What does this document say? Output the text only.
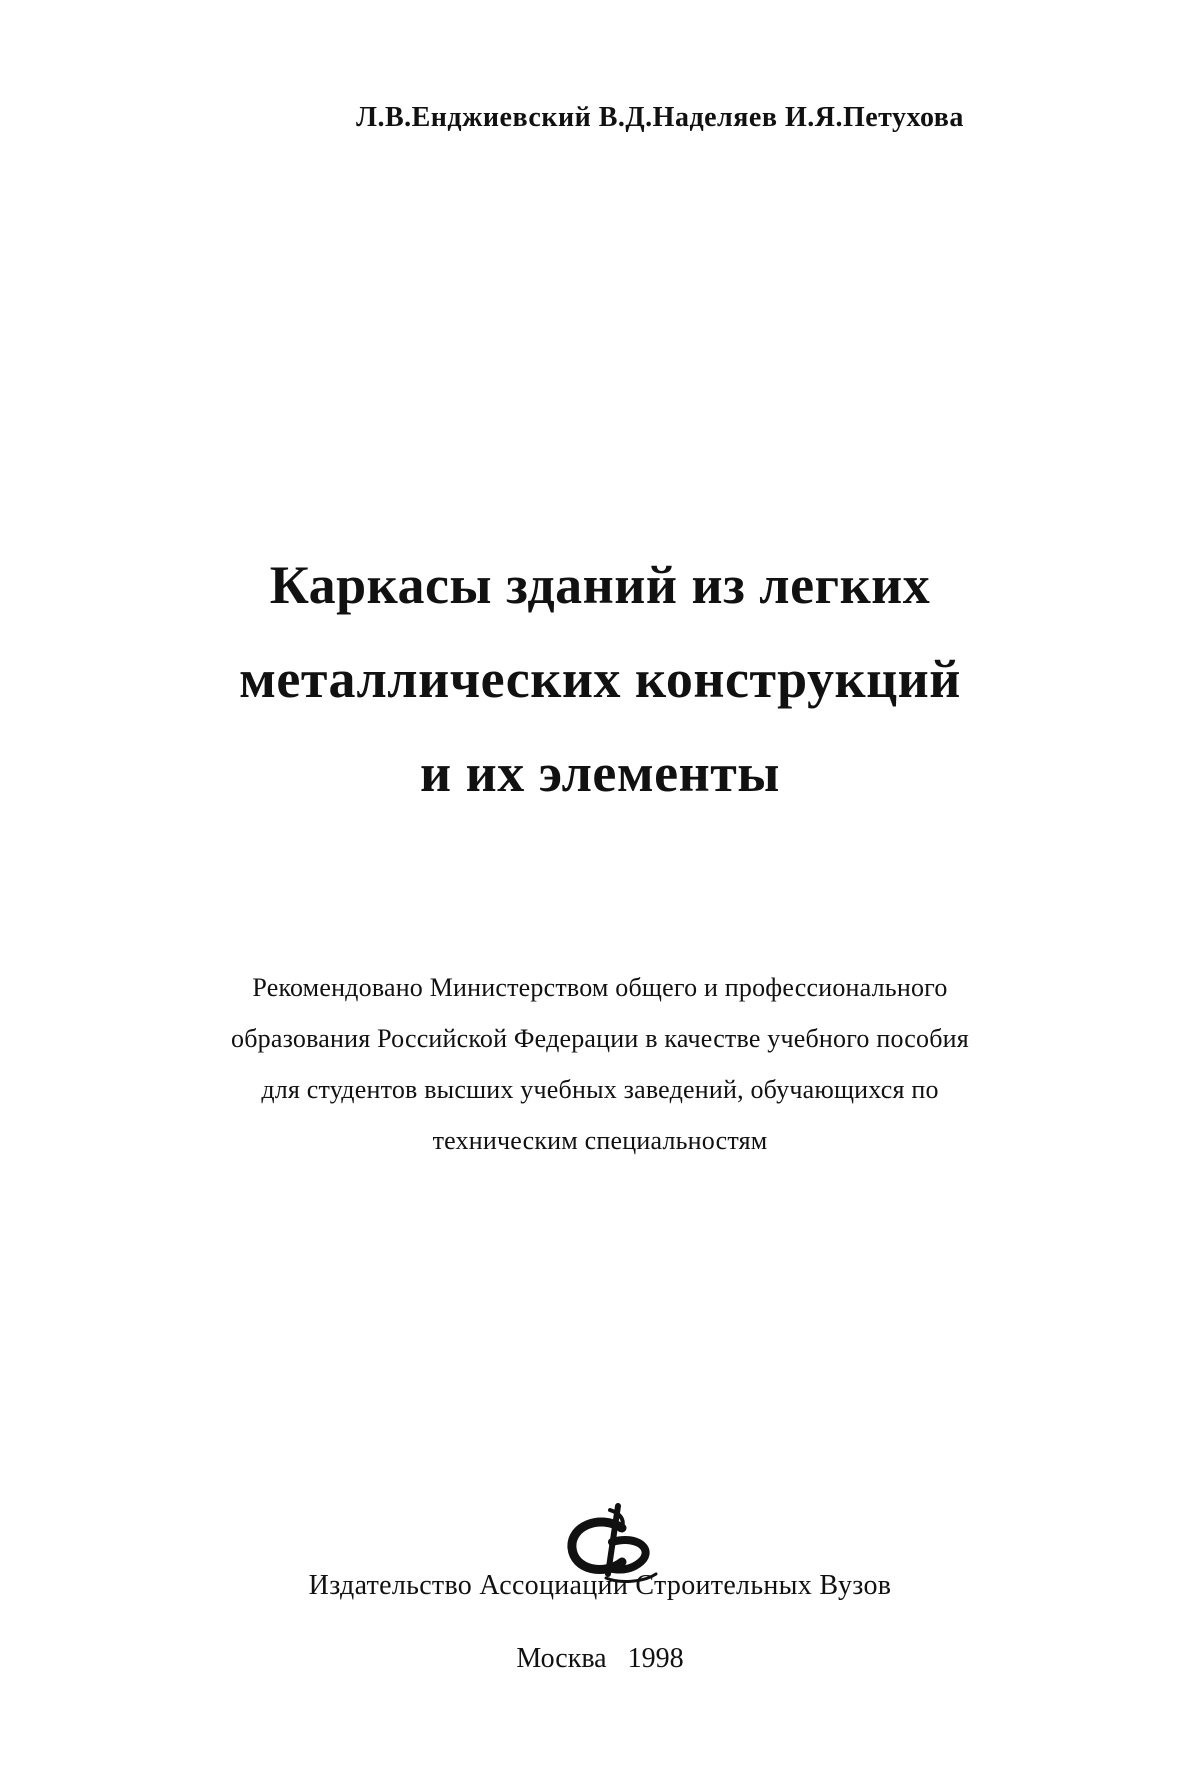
Л.В.Енджиевский В.Д.Наделяев И.Я.Петухова
Каркасы зданий из легких
металлических конструкций
и их элементы
Рекомендовано Министерством общего и профессионального
образования Российской Федерации в качестве учебного пособия
для студентов высших учебных заведений, обучающихся по
техническим специальностям
Издательство Ассоциации Строительных Вузов
Москва 1998
